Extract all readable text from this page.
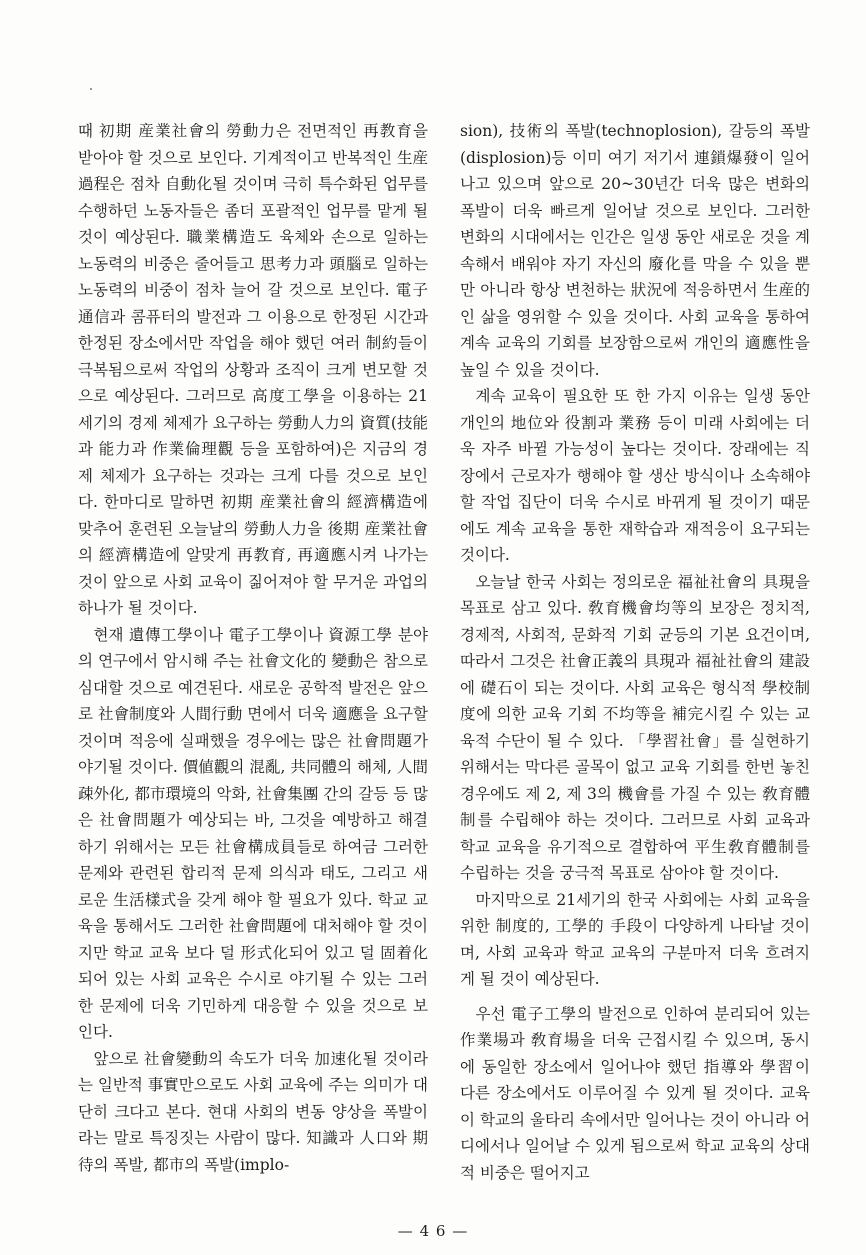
때 初期 産業社會의 勞動力은 전면적인 再教育을 받아야 할 것으로 보인다. 기계적이고 반복적인 生産過程은 점차 自動化될 것이며 극히 특수화된 업무를 수행하던 노동자들은 좀더 포괄적인 업무를 맡게 될 것이 예상된다. 職業構造도 육체와 손으로 일하는 노동력의 비중은 줄어들고 思考力과 頭腦로 일하는 노동력의 비중이 점차 늘어 갈 것으로 보인다. 電子通信과 콤퓨터의 발전과 그 이용으로 한정된 시간과 한정된 장소에서만 작업을 해야 했던 여러 制約들이 극복됨으로써 작업의 상황과 조직이 크게 변모할 것으로 예상된다. 그러므로 高度工學을 이용하는 21세기의 경제 체제가 요구하는 勞動人力의 資質(技能과 能力과 作業倫理觀 등을 포함하여)은 지금의 경제 체제가 요구하는 것과는 크게 다를 것으로 보인다. 한마디로 말하면 初期 産業社會의 經濟構造에 맞추어 훈련된 오늘날의 勞動人力을 後期 産業社會의 經濟構造에 알맞게 再教育, 再適應시켜 나가는 것이 앞으로 사회 교육이 짊어져야 할 무거운 과업의 하나가 될 것이다.

현재 遺傳工學이나 電子工學이나 資源工學 분야의 연구에서 암시해 주는 社會文化的 變動은 참으로 심대할 것으로 예견된다. 새로운 공학적 발전은 앞으로 社會制度와 人間行動 면에서 더욱 適應을 요구할 것이며 적응에 실패했을 경우에는 많은 社會問題가 야기될 것이다. 價値觀의 混亂, 共同體의 해체, 人間疎外化, 都市環境의 악화, 社會集團 간의 갈등 등 많은 社會問題가 예상되는 바, 그것을 예방하고 해결하기 위해서는 모든 社會構成員들로 하여금 그러한 문제와 관련된 합리적 문제 의식과 태도, 그리고 새로운 生活樣式을 갖게 해야 할 필요가 있다. 학교 교육을 통해서도 그러한 社會問題에 대처해야 할 것이지만 학교 교육 보다 덜 形式化되어 있고 덜 固着化되어 있는 사회 교육은 수시로 야기될 수 있는 그러한 문제에 더욱 기민하게 대응할 수 있을 것으로 보인다.

앞으로 社會變動의 속도가 더욱 加速化될 것이라는 일반적 事實만으로도 사회 교육에 주는 의미가 대단히 크다고 본다. 현대 사회의 변동 양상을 폭발이라는 말로 특징짓는 사람이 많다. 知識과 人口와 期待의 폭발, 都市의 폭발(implo-

sion), 技術의 폭발(technoplosion), 갈등의 폭발(displosion)등 이미 여기 저기서 連鎖爆發이 일어나고 있으며 앞으로 20~30년간 더욱 많은 변화의 폭발이 더욱 빠르게 일어날 것으로 보인다. 그러한 변화의 시대에서는 인간은 일생 동안 새로운 것을 계속해서 배워야 자기 자신의 廢化를 막을 수 있을 뿐만 아니라 항상 변천하는 狀況에 적응하면서 生産的인 삶을 영위할 수 있을 것이다. 사회 교육을 통하여 계속 교육의 기회를 보장함으로써 개인의 適應性을 높일 수 있을 것이다.

계속 교육이 필요한 또 한 가지 이유는 일생 동안 개인의 地位와 役割과 業務 등이 미래 사회에는 더욱 자주 바뀔 가능성이 높다는 것이다. 장래에는 직장에서 근로자가 행해야 할 생산 방식이나 소속해야 할 작업 집단이 더욱 수시로 바뀌게 될 것이기 때문에도 계속 교육을 통한 재학습과 재적응이 요구되는 것이다.

오늘날 한국 사회는 정의로운 福祉社會의 具現을 목표로 삼고 있다. 敎育機會均等의 보장은 정치적, 경제적, 사회적, 문화적 기회 균등의 기본 요건이며, 따라서 그것은 社會正義의 具現과 福祉社會의 建設에 礎石이 되는 것이다. 사회 교육은 형식적 學校制度에 의한 교육 기회 不均等을 補完시킬 수 있는 교육적 수단이 될 수 있다. 「學習社會」를 실현하기 위해서는 막다른 골목이 없고 교육 기회를 한번 놓친 경우에도 제 2, 제 3의 機會를 가질 수 있는 敎育體制를 수립해야 하는 것이다. 그러므로 사회 교육과 학교 교육을 유기적으로 결합하여 平生敎育體制를 수립하는 것을 궁극적 목표로 삼아야 할 것이다.

마지막으로 21세기의 한국 사회에는 사회 교육을 위한 制度的, 工學的 手段이 다양하게 나타날 것이며, 사회 교육과 학교 교육의 구분마저 더욱 흐려지게 될 것이 예상된다.

우선 電子工學의 발전으로 인하여 분리되어 있는 作業場과 敎育場을 더욱 근접시킬 수 있으며, 동시에 동일한 장소에서 일어나야 했던 指導와 學習이 다른 장소에서도 이루어질 수 있게 될 것이다. 교육이 학교의 울타리 속에서만 일어나는 것이 아니라 어디에서나 일어날 수 있게 됨으로써 학교 교육의 상대적 비중은 떨어지고

— 4 6 —
